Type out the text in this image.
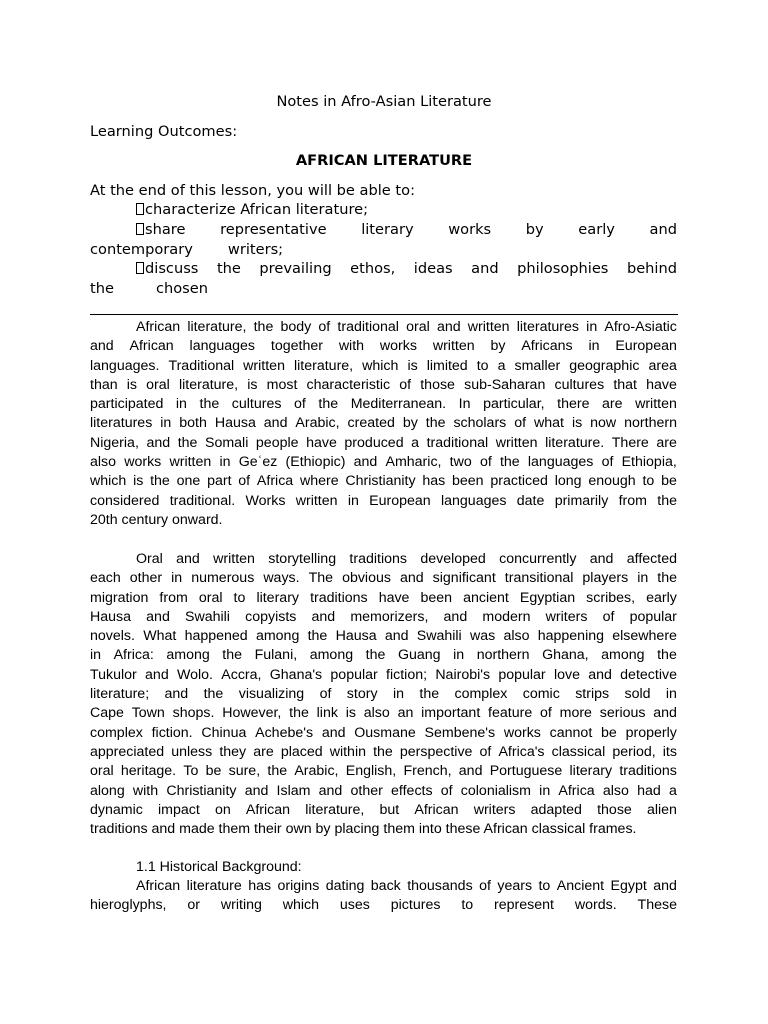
Notes in Afro-Asian Literature
Learning Outcomes:
AFRICAN LITERATURE
At the end of this lesson, you will be able to:
characterize African literature;
share representative literary works by early and
contemporary writers;
discuss the prevailing ethos, ideas and philosophies behind
the	chosen
African literature, the body of traditional oral and written literatures in Afro-Asiatic
and African languages together with works written by Africans in European
languages. Traditional written literature, which is limited to a smaller geographic area
than is oral literature, is most characteristic of those sub-Saharan cultures that have
participated in the cultures of the Mediterranean. In particular, there are written
literatures in both Hausa and Arabic, created by the scholars of what is now northern
Nigeria, and the Somali people have produced a traditional written literature. There are
also works written in Geʿez (Ethiopic) and Amharic, two of the languages of Ethiopia,
which is the one part of Africa where Christianity has been practiced long enough to be
considered traditional. Works written in European languages date primarily from the
20th century onward.
Oral and written storytelling traditions developed concurrently and affected
each other in numerous ways. The obvious and significant transitional players in the
migration from oral to literary traditions have been ancient Egyptian scribes, early
Hausa and Swahili copyists and memorizers, and modern writers of popular
novels. What happened among the Hausa and Swahili was also happening elsewhere
in Africa: among the Fulani, among the Guang in northern Ghana, among the
Tukulor and Wolo. Accra, Ghana's popular fiction; Nairobi's popular love and detective
literature; and the visualizing of story in the complex comic strips sold in
Cape Town shops. However, the link is also an important feature of more serious and
complex fiction. Chinua Achebe's and Ousmane Sembene's works cannot be properly
appreciated unless they are placed within the perspective of Africa's classical period, its
oral heritage. To be sure, the Arabic, English, French, and Portuguese literary traditions
along with Christianity and Islam and other effects of colonialism in Africa also had a
dynamic impact on African literature, but African writers adapted those alien
traditions and made them their own by placing them into these African classical frames.
1.1 Historical Background:
African literature has origins dating back thousands of years to Ancient Egypt and
hieroglyphs, or writing which uses pictures to represent words. These
